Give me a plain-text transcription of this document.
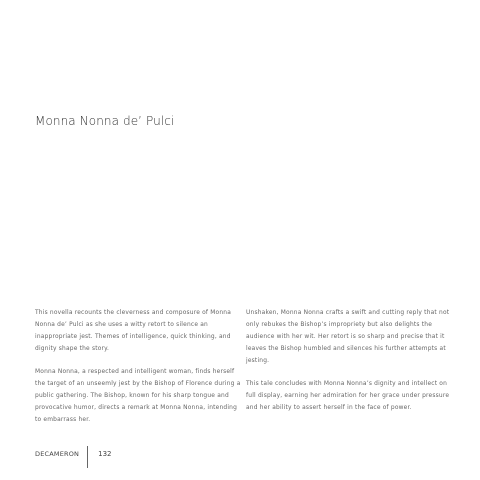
Monna Nonna de’ Pulci

This novella recounts the cleverness and composure of Monna Nonna de’ Pulci as she uses a witty retort to silence an inappropriate jest. Themes of intelligence, quick thinking, and dignity shape the story.

Monna Nonna, a respected and intelligent woman, finds herself the target of an unseemly jest by the Bishop of Florence during a public gathering. The Bishop, known for his sharp tongue and provocative humor, directs a remark at Monna Nonna, intending to embarrass her.

Unshaken, Monna Nonna crafts a swift and cutting reply that not only rebukes the Bishop’s impropriety but also delights the audience with her wit. Her retort is so sharp and precise that it leaves the Bishop humbled and silences his further attempts at jesting.

This tale concludes with Monna Nonna’s dignity and intellect on full display, earning her admiration for her grace under pressure and her ability to assert herself in the face of power.

DECAMERON	132
